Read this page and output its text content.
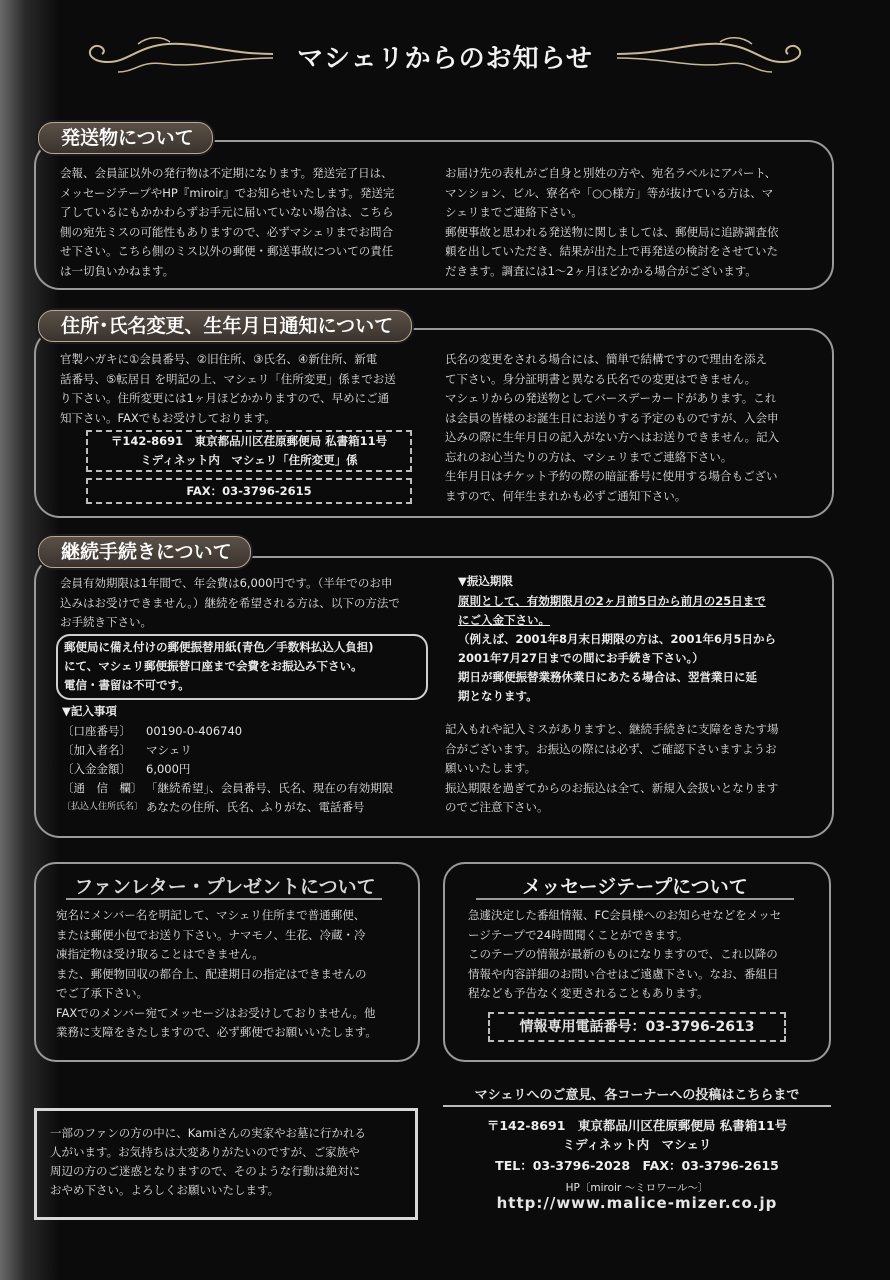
マシェリからのお知らせ
発送物について

会報、会員証以外の発行物は不定期になります。発送完了日は、

メッセージテープやHP『miroir』でお知らせいたします。発送完

了しているにもかかわらずお手元に届いていない場合は、こちら

側の宛先ミスの可能性もありますので、必ずマシェリまでお問合

せ下さい。こちら側のミス以外の郵便・郵送事故についての責任

は一切負いかねます。

お届け先の表札がご自身と別姓の方や、宛名ラベルにアパート、

マンション、ビル、寮名や「○○様方」等が抜けている方は、マ

シェリまでご連絡下さい。

郵便事故と思われる発送物に関しましては、郵便局に追跡調査依

頼を出していただき、結果が出た上で再発送の検討をさせていた

だきます。調査には1～2ヶ月ほどかかる場合がございます。

住所･氏名変更、生年月日通知について

官製ハガキに①会員番号、②旧住所、③氏名、④新住所、新電

話番号、⑤転居日 を明記の上、マシェリ「住所変更」係までお送

り下さい。住所変更には1ヶ月ほどかかりますので、早めにご通

知下さい。FAXでもお受けしております。

〒142-8691　東京都品川区荏原郵便局 私書箱11号
ミディネット内　マシェリ「住所変更」係
FAX：03-3796-2615

氏名の変更をされる場合には、簡単で結構ですので理由を添え

て下さい。身分証明書と異なる氏名での変更はできません。

マシェリからの発送物としてバースデーカードがあります。これ

は会員の皆様のお誕生日にお送りする予定のものですが、入会申

込みの際に生年月日の記入がない方へはお送りできません。記入

忘れのお心当たりの方は、マシェリまでご連絡下さい。

生年月日はチケット予約の際の暗証番号に使用する場合もござい

ますので、何年生まれかも必ずご通知下さい。

継続手続きについて

会員有効期限は1年間で、年会費は6,000円です。（半年でのお申

込みはお受けできません。）継続を希望される方は、以下の方法で

お手続き下さい。

郵便局に備え付けの郵便振替用紙(青色／手数料払込人負担)
にて、マシェリ郵便振替口座まで会費をお振込み下さい。
電信・書留は不可です。
▼記入事項
〔口座番号〕	00190-0-406740
〔加入者名〕	マシェリ
〔入金金額〕	6,000円
〔通　信　欄〕 「継続希望」、会員番号、氏名、現在の有効期限
〔払込人住所氏名〕 あなたの住所、氏名、ふりがな、電話番号
▼振込期限
原則として、有効期限月の2ヶ月前5日から前月の25日まで
にご入金下さい。
（例えば、2001年8月末日期限の方は、2001年6月5日から
2001年7月27日までの間にお手続き下さい。）
期日が郵便振替業務休業日にあたる場合は、翌営業日に延
期となります。

記入もれや記入ミスがありますと、継続手続きに支障をきたす場

合がございます。お振込の際には必ず、ご確認下さいますようお

願いいたします。

振込期限を過ぎてからのお振込は全て、新規入会扱いとなります

のでご注意下さい。

ファンレター・プレゼントについて

宛名にメンバー名を明記して、マシェリ住所まで普通郵便、

または郵便小包でお送り下さい。ナマモノ、生花、冷蔵・冷

凍指定物は受け取ることはできません。

また、郵便物回収の都合上、配達期日の指定はできませんの

でご了承下さい。

FAXでのメンバー宛てメッセージはお受けしておりません。他

業務に支障をきたしますので、必ず郵便でお願いいたします。

メッセージテープについて

急遽決定した番組情報、FC会員様へのお知らせなどをメッセ

ージテープで24時間聞くことができます。

このテープの情報が最新のものになりますので、これ以降の

情報や内容詳細のお問い合せはご遠慮下さい。なお、番組日

程なども予告なく変更されることもあります。

情報専用電話番号：03-3796-2613

一部のファンの方の中に、Kamiさんの実家やお墓に行かれる

人がいます。お気持ちは大変ありがたいのですが、ご家族や

周辺の方のご迷惑となりますので、そのような行動は絶対に

おやめ下さい。よろしくお願いいたします。

マシェリへのご意見、各コーナーへの投稿はこちらまで
〒142-8691　東京都品川区荏原郵便局 私書箱11号
ミディネット内　マシェリ
TEL：03-3796-2028　FAX：03-3796-2615
HP〔miroir ～ミロワール～〕
http://www.malice-mizer.co.jp
